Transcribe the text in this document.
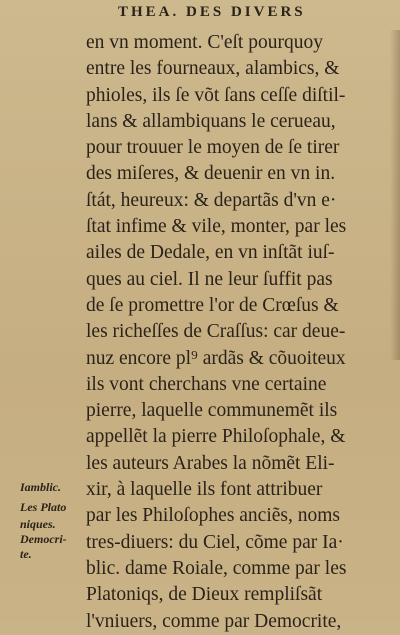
THEA. DES DIVERS
en vn moment. C'eſt pourquoy
entre les fourneaux, alambics, &
phioles, ils ſe võt ſans ceſſe diſtil-
lans & allambiquans le cerueau,
pour trouuer le moyen de ſe tirer
des miſeres, & deuenir en vn in.
ſtát, heureux: & departãs d'vn e·
ſtat infime & vile, monter, par les
ailes de Dedale, en vn inſtãt iuſ-
ques au ciel. Il ne leur ſuffit pas
de ſe promettre l'or de Crœſus &
les richeſſes de Craſſus: car deue-
nuz encore pl⁹ ardãs & cõuoiteux
ils vont cherchans vne certaine
pierre, laquelle communemẽt ils
appellẽt la pierre Philoſophale, &
les auteurs Arabes la nõmẽt Eli-
xir, à laquelle ils font attribuer
par les Philoſophes anciẽs, noms
tres-diuers: du Ciel, cõme par Ia·
blic. dame Roiale, comme par les
Platoniqs, de Dieux rempliſsãt
l'vniuers, comme par Democrite,
Iamblic.
Les Plato
niques.
Democri-
te.
